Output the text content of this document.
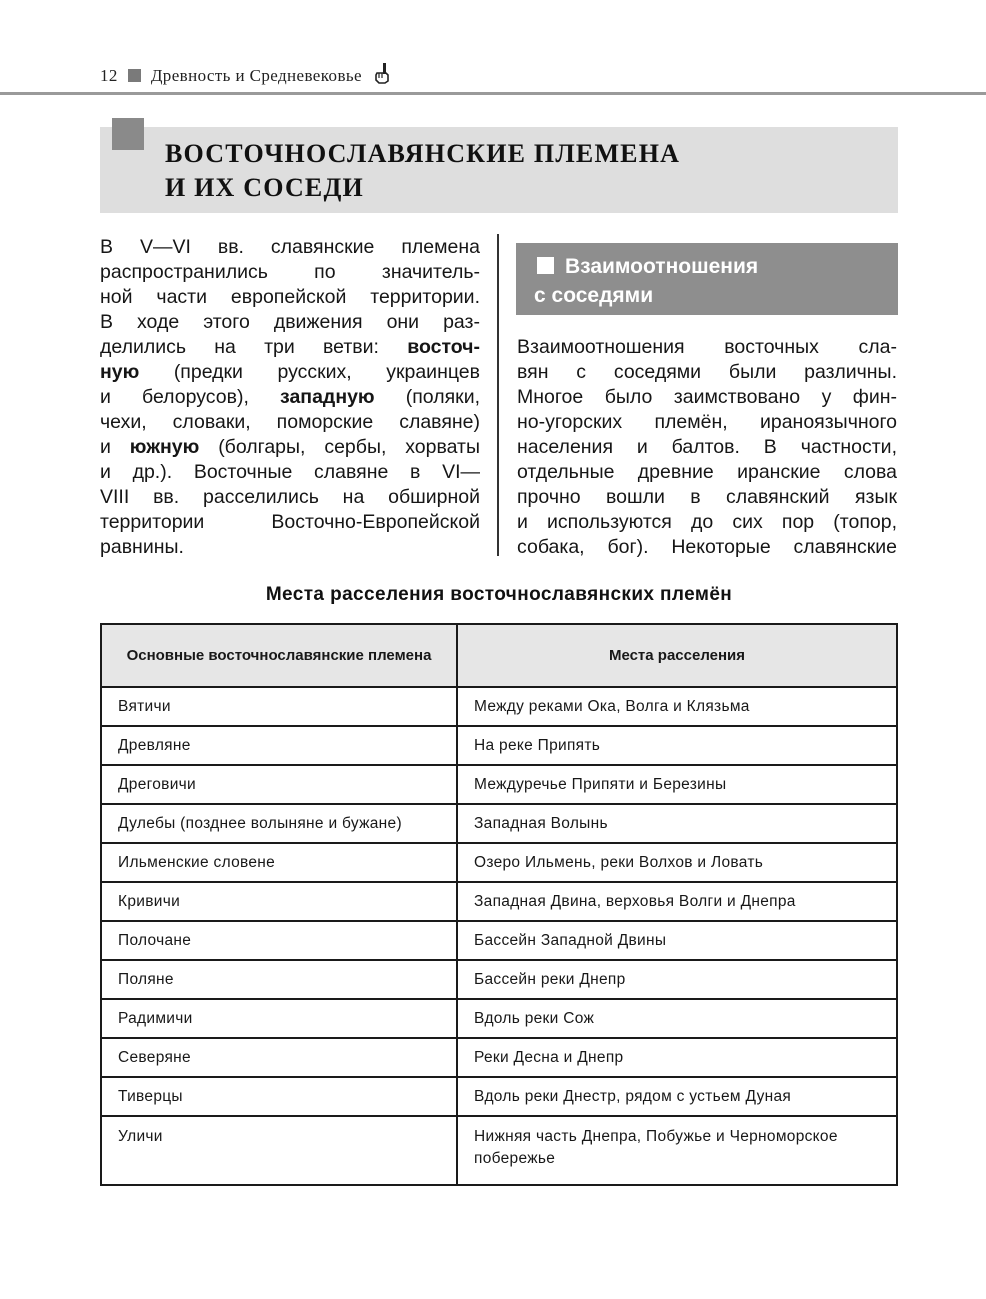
12 Древность и Средневековье
ВОСТОЧНОСЛАВЯНСКИЕ ПЛЕМЕНА
И ИХ СОСЕДИ
В V—VI вв. славянские племена
распространились по значитель-
ной части европейской территории.
В ходе этого движения они раз-
делились на три ветви: восточ-
ную (предки русских, украинцев
и белорусов), западную (поляки,
чехи, словаки, поморские славяне)
и южную (болгары, сербы, хорваты
и др.). Восточные славяне в VI—
VIII вв. расселились на обширной
территории Восточно-Европейской
равнины.
Взаимоотношения
с соседями
Взаимоотношения восточных сла-
вян с соседями были различны.
Многое было заимствовано у фин-
но-угорских племён, ираноязычного
населения и балтов. В частности,
отдельные древние иранские слова
прочно вошли в славянский язык
и используются до сих пор (топор,
собака, бог). Некоторые славянские
Места расселения восточнославянских племён
Основные восточнославянские племена	Места расселения
Вятичи	Между реками Ока, Волга и Клязьма
Древляне	На реке Припять
Дреговичи	Междуречье Припяти и Березины
Дулебы (позднее волыняне и бужане)	Западная Волынь
Ильменские словене	Озеро Ильмень, реки Волхов и Ловать
Кривичи	Западная Двина, верховья Волги и Днепра
Полочане	Бассейн Западной Двины
Поляне	Бассейн реки Днепр
Радимичи	Вдоль реки Сож
Северяне	Реки Десна и Днепр
Тиверцы	Вдоль реки Днестр, рядом с устьем Дуная
Уличи	Нижняя часть Днепра, Побужье и Черноморское побережье
